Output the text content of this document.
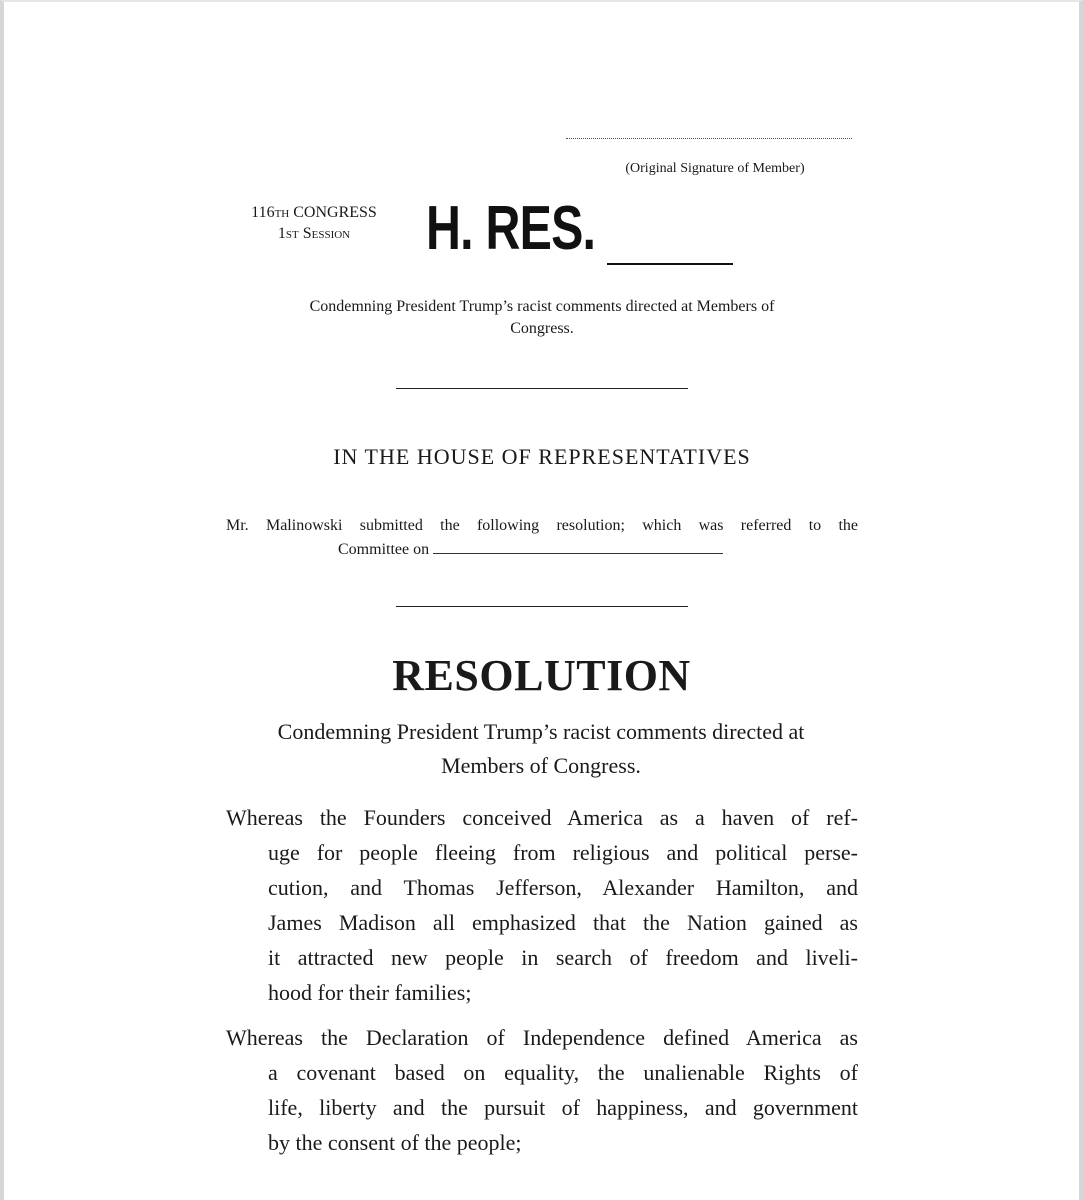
(Original Signature of Member)
116th CONGRESS
1st Session	H. RES.
Condemning President Trump’s racist comments directed at Members of
Congress.
IN THE HOUSE OF REPRESENTATIVES
Mr. Malinowski submitted the following resolution; which was referred to the
Committee on
RESOLUTION
Condemning President Trump’s racist comments directed at
Members of Congress.
Whereas the Founders conceived America as a haven of ref-
uge for people fleeing from religious and political perse-
cution, and Thomas Jefferson, Alexander Hamilton, and
James Madison all emphasized that the Nation gained as
it attracted new people in search of freedom and liveli-
hood for their families;
Whereas the Declaration of Independence defined America as
a covenant based on equality, the unalienable Rights of
life, liberty and the pursuit of happiness, and government
by the consent of the people;
